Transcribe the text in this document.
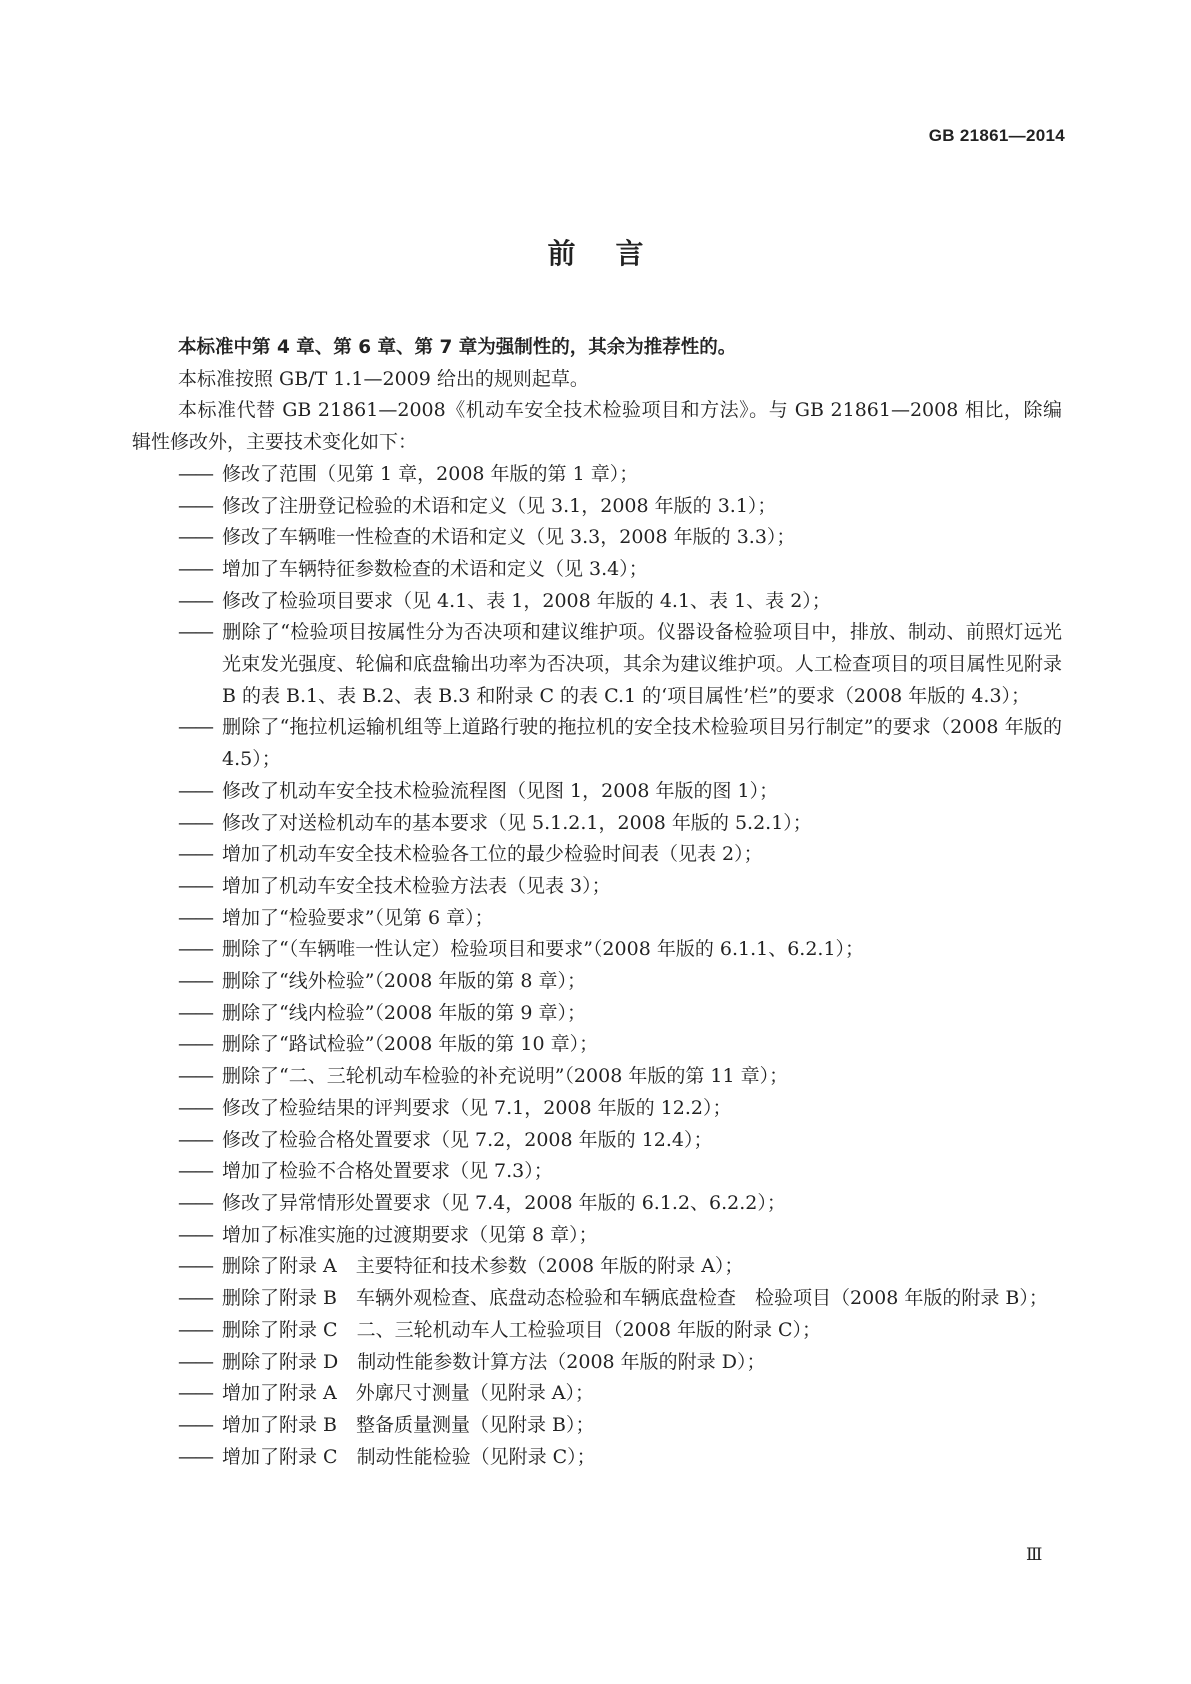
GB 21861—2014
前言

本标准中第 4 章、第 6 章、第 7 章为强制性的，其余为推荐性的。

本标准按照 GB/T 1.1—2009 给出的规则起草。

本标准代替 GB 21861—2008《机动车安全技术检验项目和方法》。与 GB 21861—2008 相比，除编辑性修改外，主要技术变化如下：

—— 修改了范围（见第 1 章，2008 年版的第 1 章）；

—— 修改了注册登记检验的术语和定义（见 3.1，2008 年版的 3.1）；

—— 修改了车辆唯一性检查的术语和定义（见 3.3，2008 年版的 3.3）；

—— 增加了车辆特征参数检查的术语和定义（见 3.4）；

—— 修改了检验项目要求（见 4.1、表 1，2008 年版的 4.1、表 1、表 2）；

—— 删除了“检验项目按属性分为否决项和建议维护项。仪器设备检验项目中，排放、制动、前照灯远光光束发光强度、轮偏和底盘输出功率为否决项，其余为建议维护项。人工检查项目的项目属性见附录 B 的表 B.1、表 B.2、表 B.3 和附录 C 的表 C.1 的‘项目属性’栏”的要求（2008 年版的 4.3）；

—— 删除了“拖拉机运输机组等上道路行驶的拖拉机的安全技术检验项目另行制定”的要求（2008 年版的 4.5）；

—— 修改了机动车安全技术检验流程图（见图 1，2008 年版的图 1）；

—— 修改了对送检机动车的基本要求（见 5.1.2.1，2008 年版的 5.2.1）；

—— 增加了机动车安全技术检验各工位的最少检验时间表（见表 2）；

—— 增加了机动车安全技术检验方法表（见表 3）；

—— 增加了“检验要求”（见第 6 章）；

—— 删除了“（车辆唯一性认定）检验项目和要求”（2008 年版的 6.1.1、6.2.1）；

—— 删除了“线外检验”（2008 年版的第 8 章）；

—— 删除了“线内检验”（2008 年版的第 9 章）；

—— 删除了“路试检验”（2008 年版的第 10 章）；

—— 删除了“二、三轮机动车检验的补充说明”（2008 年版的第 11 章）；

—— 修改了检验结果的评判要求（见 7.1，2008 年版的 12.2）；

—— 修改了检验合格处置要求（见 7.2，2008 年版的 12.4）；

—— 增加了检验不合格处置要求（见 7.3）；

—— 修改了异常情形处置要求（见 7.4，2008 年版的 6.1.2、6.2.2）；

—— 增加了标准实施的过渡期要求（见第 8 章）；

—— 删除了附录 A　主要特征和技术参数（2008 年版的附录 A）；

—— 删除了附录 B　车辆外观检查、底盘动态检验和车辆底盘检查　检验项目（2008 年版的附录 B）；

—— 删除了附录 C　二、三轮机动车人工检验项目（2008 年版的附录 C）；

—— 删除了附录 D　制动性能参数计算方法（2008 年版的附录 D）；

—— 增加了附录 A　外廓尺寸测量（见附录 A）；

—— 增加了附录 B　整备质量测量（见附录 B）；

—— 增加了附录 C　制动性能检验（见附录 C）；

Ⅲ
